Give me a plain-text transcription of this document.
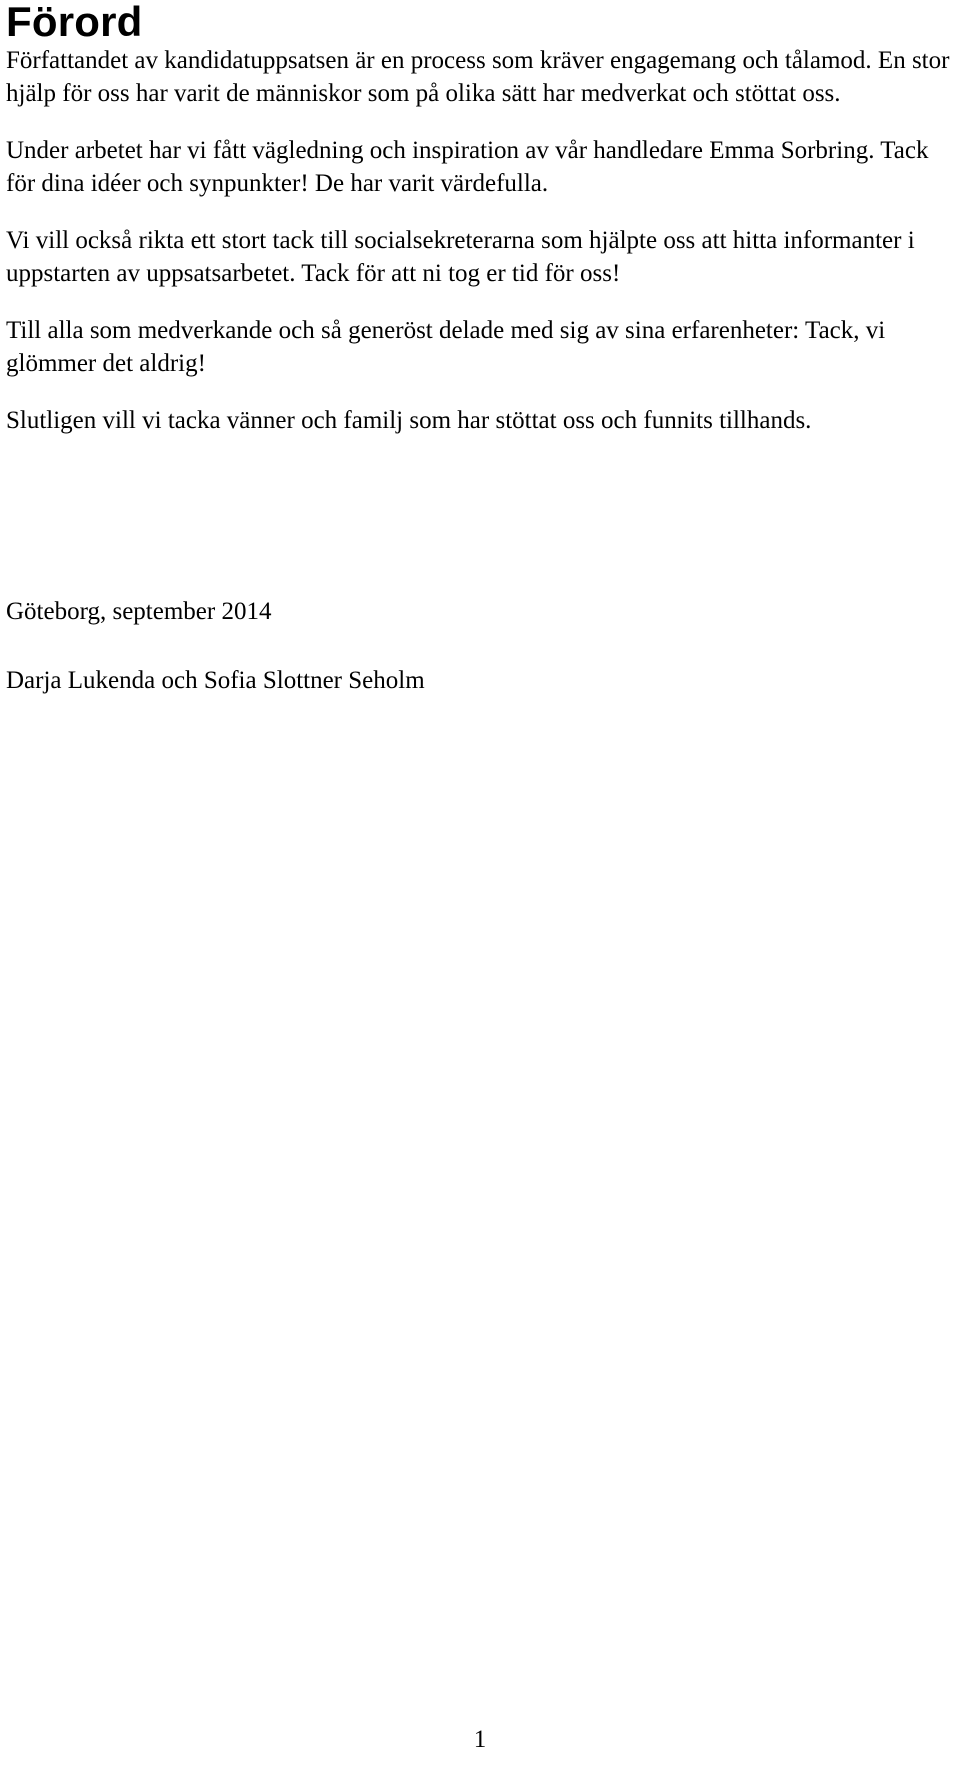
Förord

Författandet av kandidatuppsatsen är en process som kräver engagemang och tålamod. En stor hjälp för oss har varit de människor som på olika sätt har medverkat och stöttat oss.

Under arbetet har vi fått vägledning och inspiration av vår handledare Emma Sorbring. Tack för dina idéer och synpunkter! De har varit värdefulla.

Vi vill också rikta ett stort tack till socialsekreterarna som hjälpte oss att hitta informanter i uppstarten av uppsatsarbetet. Tack för att ni tog er tid för oss!

Till alla som medverkande och så generöst delade med sig av sina erfarenheter: Tack, vi glömmer det aldrig!

Slutligen vill vi tacka vänner och familj som har stöttat oss och funnits tillhands.

Göteborg, september 2014

Darja Lukenda och Sofia Slottner Seholm

1
